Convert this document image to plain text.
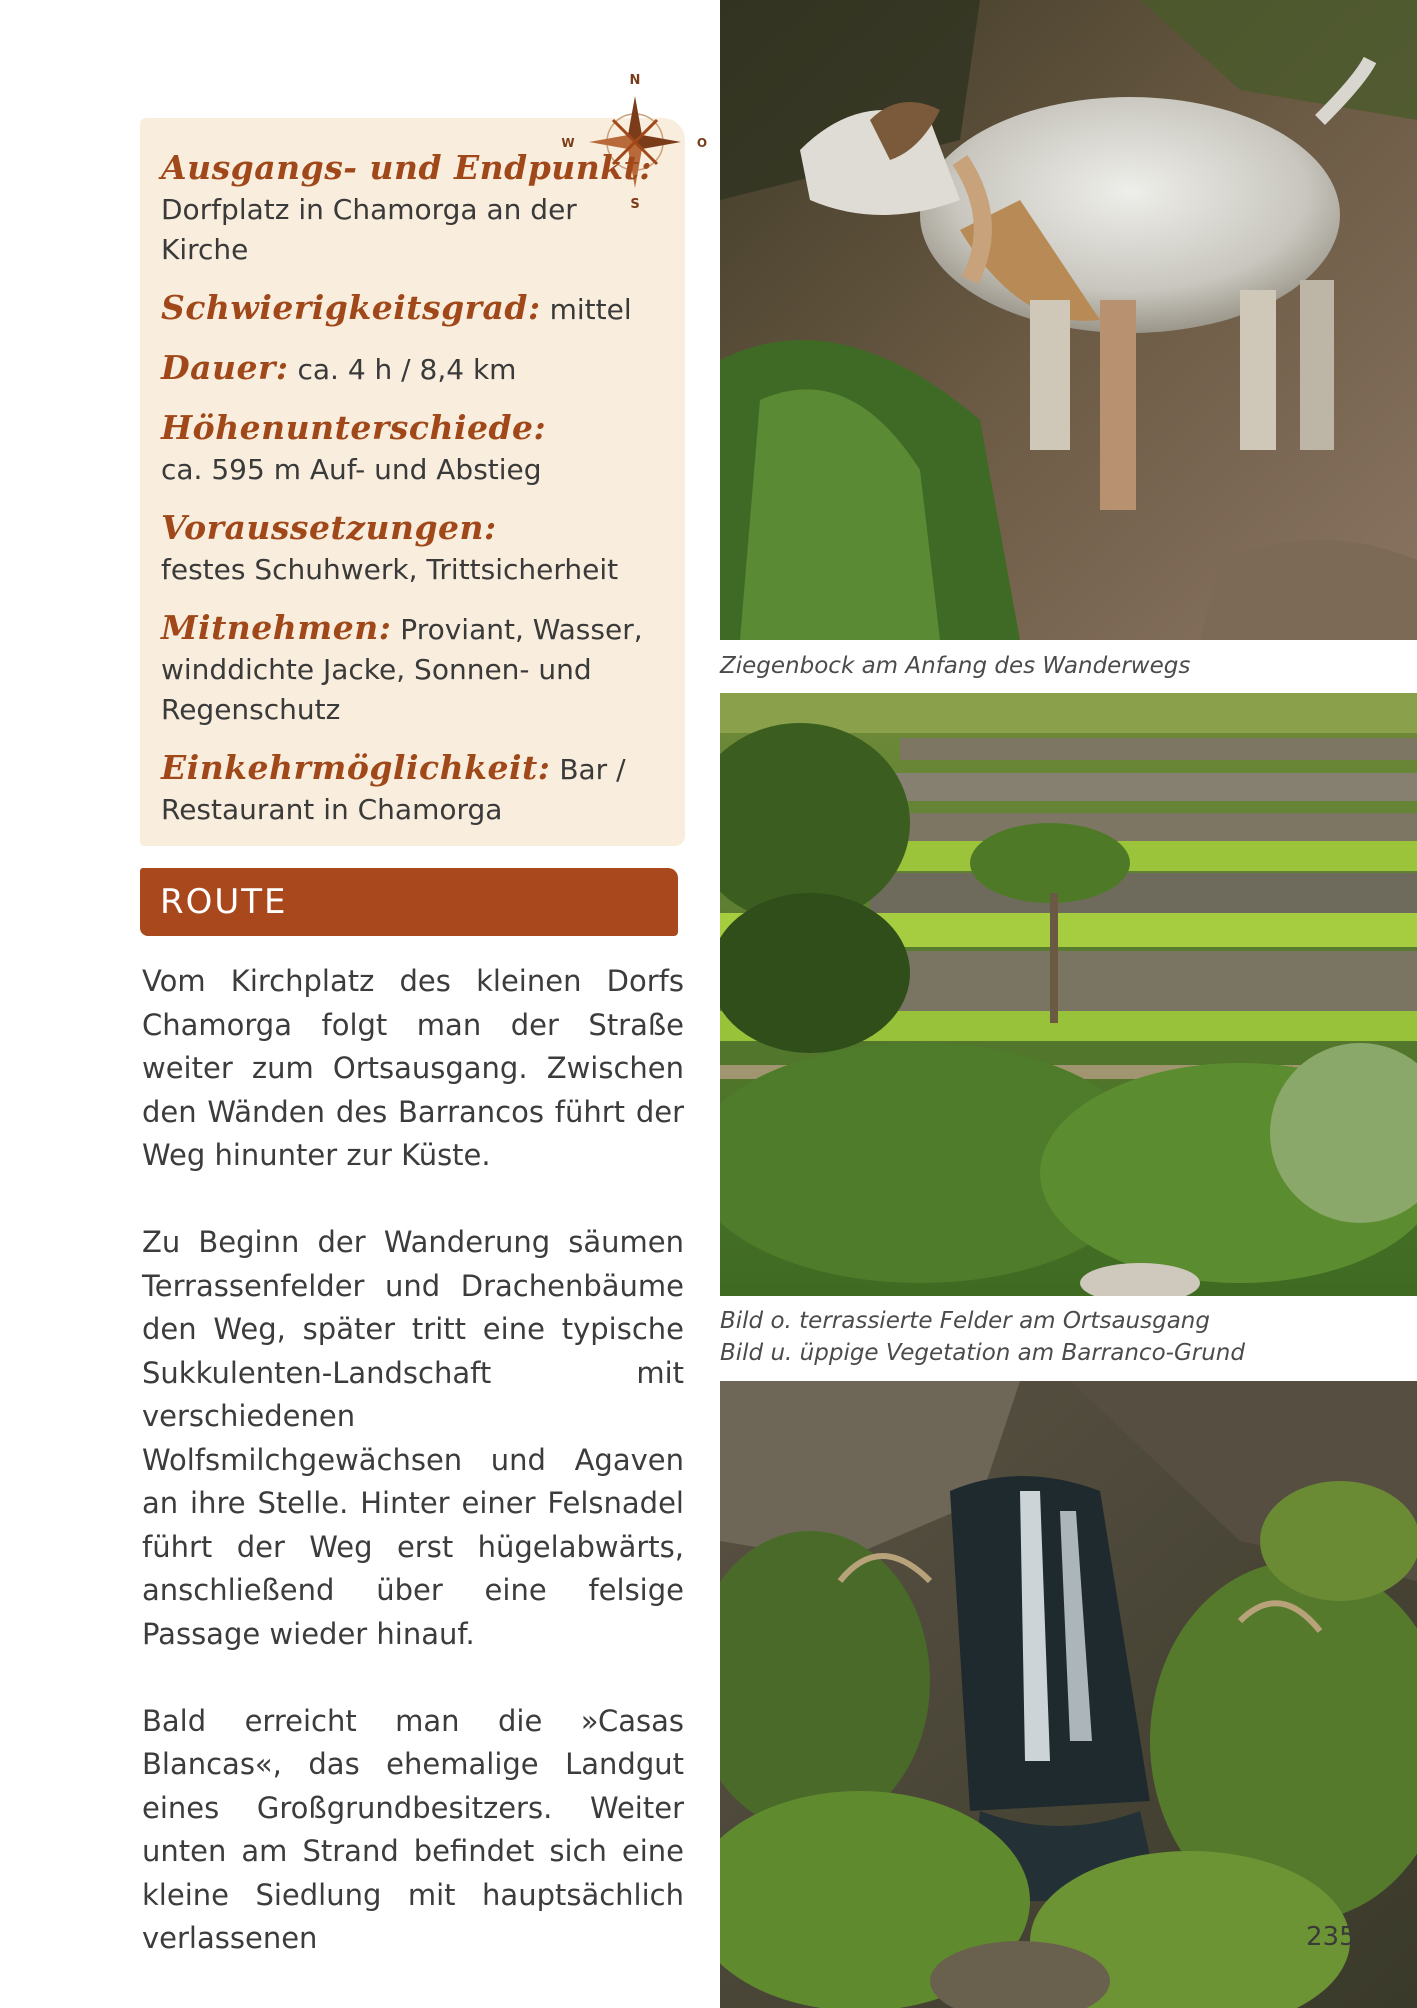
N
S
W	O

Ausgangs- und Endpunkt:
Dorfplatz in Chamorga an der Kirche

Schwierigkeitsgrad: mittel

Dauer: ca. 4 h / 8,4 km

Höhenunterschiede:
ca. 595 m Auf- und Abstieg

Voraussetzungen:
festes Schuhwerk, Trittsicherheit

Mitnehmen: Proviant, Wasser, winddichte Jacke, Sonnen- und Regenschutz

Einkehrmöglichkeit: Bar / Restaurant in Chamorga

ROUTE

Vom Kirchplatz des kleinen Dorfs Chamorga folgt man der Straße weiter zum Ortsausgang. Zwischen den Wänden des Barrancos führt der Weg hinunter zur Küste.

Zu Beginn der Wanderung säumen Terrassenfelder und Drachenbäume den Weg, später tritt eine typische Sukkulenten-Landschaft mit verschiedenen Wolfsmilchgewächsen und Agaven an ihre Stelle. Hinter einer Felsnadel führt der Weg erst hügelabwärts, anschließend über eine felsige Passage wieder hinauf.

Bald erreicht man die »Casas Blancas«, das ehemalige Landgut eines Großgrundbesitzers. Weiter unten am Strand befindet sich eine kleine Siedlung mit hauptsächlich verlassenen

Ziegenbock am Anfang des Wanderwegs
Bild o. terrassierte Felder am Ortsausgang
Bild u. üppige Vegetation am Barranco-Grund
235
